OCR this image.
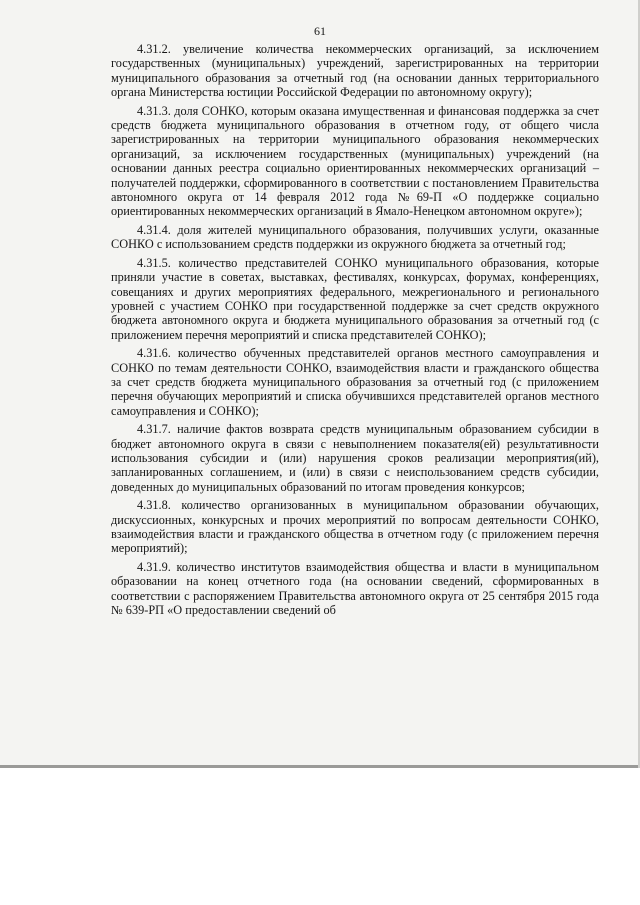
61

4.31.2. увеличение количества некоммерческих организаций, за исключением государственных (муниципальных) учреждений, зарегистрированных на территории муниципального образования за отчетный год (на основании данных территориального органа Министерства юстиции Российской Федерации по автономному округу);

4.31.3. доля СОНКО, которым оказана имущественная и финансовая поддержка за счет средств бюджета муниципального образования в отчетном году, от общего числа зарегистрированных на территории муниципального образования некоммерческих организаций, за исключением государственных (муниципальных) учреждений (на основании данных реестра социально ориентированных некоммерческих организаций – получателей поддержки, сформированного в соответствии с постановлением Правительства автономного округа от 14 февраля 2012 года №69-П «О поддержке социально ориентированных некоммерческих организаций в Ямало-Ненецком автономном округе»);

4.31.4. доля жителей муниципального образования, получивших услуги, оказанные СОНКО с использованием средств поддержки из окружного бюджета за отчетный год;

4.31.5. количество представителей СОНКО муниципального образования, которые приняли участие в советах, выставках, фестивалях, конкурсах, форумах, конференциях, совещаниях и других мероприятиях федерального, межрегионального и регионального уровней с участием СОНКО при государственной поддержке за счет средств окружного бюджета автономного округа и бюджета муниципального образования за отчетный год (с приложением перечня мероприятий и списка представителей СОНКО);

4.31.6. количество обученных представителей органов местного самоуправления и СОНКО по темам деятельности СОНКО, взаимодействия власти и гражданского общества за счет средств бюджета муниципального образования за отчетный год (с приложением перечня обучающих мероприятий и списка обучившихся представителей органов местного самоуправления и СОНКО);

4.31.7. наличие фактов возврата средств муниципальным образованием субсидии в бюджет автономного округа в связи с невыполнением показателя(ей) результативности использования субсидии и (или) нарушения сроков реализации мероприятия(ий), запланированных соглашением, и (или) в связи с неиспользованием средств субсидии, доведенных до муниципальных образований по итогам проведения конкурсов;

4.31.8. количество организованных в муниципальном образовании обучающих, дискуссионных, конкурсных и прочих мероприятий по вопросам деятельности СОНКО, взаимодействия власти и гражданского общества в отчетном году (с приложением перечня мероприятий);

4.31.9. количество институтов взаимодействия общества и власти в муниципальном образовании на конец отчетного года (на основании сведений, сформированных в соответствии с распоряжением Правительства автономного округа от 25 сентября 2015 года № 639-РП «О предоставлении сведений об
